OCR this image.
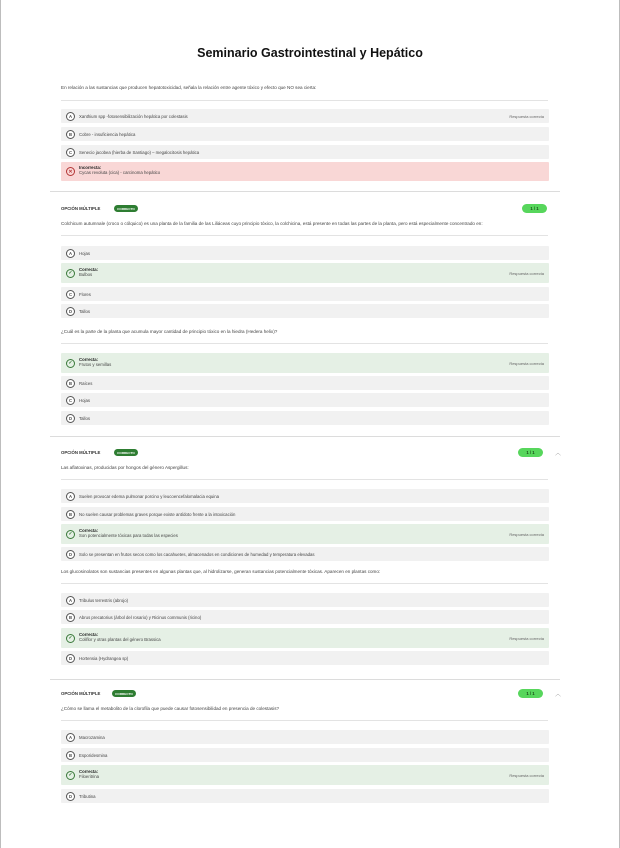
Seminario Gastrointestinal y Hepático
En relación a las sustancias que producen hepatotoxicidad, señala la relación entre agente tóxico y efecto que NO sea cierta:
A	Xanthium spp -fotosensibilización hepática por colestasis	Respuesta correcta
B	Cobre - insuficiencia hepática
C	Senecio jacobea (hierba de Santiago) – megalocitosis hepática
✕
Incorrecta:
Cycas revoluta (cica) - carcinoma hepático
OPCIÓN MÚLTIPLE	CORRECTO	1 / 1
Colchicum autumnale (croco o cólquico) es una planta de la familia de las Liliáceas cuyo principio tóxico, la colchicina, está presente en todas las partes de la planta, pero está especialmente concentrado en:
A	Hojas
✓
Correcta:
Bulbos	Respuesta correcta
C	Flores
D	Tallos
¿Cuál es la parte de la planta que acumula mayor cantidad de principio tóxico en la hiedra (Hedera helix)?
✓
Correcta:
Frutos y semillas	Respuesta correcta
B	Raíces
C	Hojas
D	Tallos
OPCIÓN MÚLTIPLE	CORRECTO	1 / 1	︿
Las aflatoxinas, producidas por hongos del género Aspergillus:
A	Suelen provocar edema pulmonar porcino y leucoencefalomalacia equina
B	No suelen causar problemas graves porque existe antídoto frente a la intoxicación
✓
Correcta:
Son potencialmente tóxicas para todas las especies	Respuesta correcta
D	Solo se presentan en frutos secos como los cacahuetes, almacenados en condiciones de humedad y temperatura elevadas
Los glucosinolatos son sustancias presentes en algunas plantas que, al hidrolizarse, generan sustancias potencialmente tóxicas. Aparecen en plantas como:
A	Tribulus terrestris (abrojo)
B	Abrus precatorius (árbol del rosario) y Ricinus communis (ricino)
✓
Correcta:
Coliflor y otras plantas del género Brassica	Respuesta correcta
D	Hortensia (Hydrangea sp)
OPCIÓN MÚLTIPLE	CORRECTO	1 / 1	︿
¿Cómo se llama el metabolito de la clorofila que puede causar fotosensibilidad en presencia de colestasis?
A	Macrozamina
B	Esporidesmina
✓
Correcta:
Filoeritrina	Respuesta correcta
D	Tributina
